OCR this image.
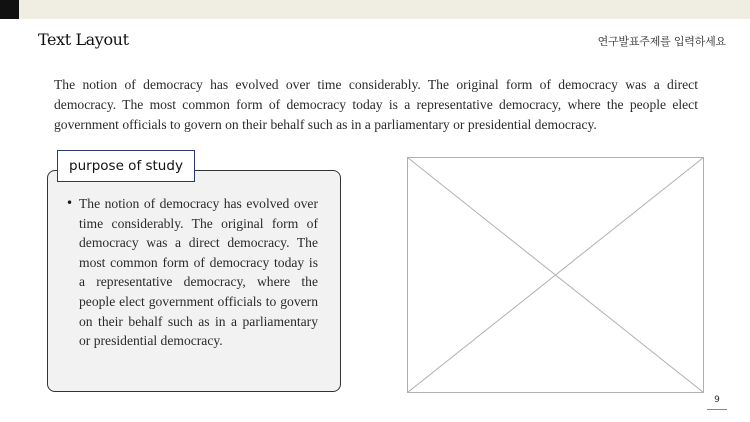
Text Layout	연구발표주제를 입력하세요

The notion of democracy has evolved over time considerably. The original form of democracy was a direct democracy. The most common form of democracy today is a representative democracy, where the people elect government officials to govern on their behalf such as in a parliamentary or presidential democracy.

purpose of study
• The notion of democracy has evolved over time considerably. The original form of democracy was a direct democracy. The most common form of democracy today is a representative democracy, where the people elect government officials to govern on their behalf such as in a parliamentary or presidential democracy.
9
